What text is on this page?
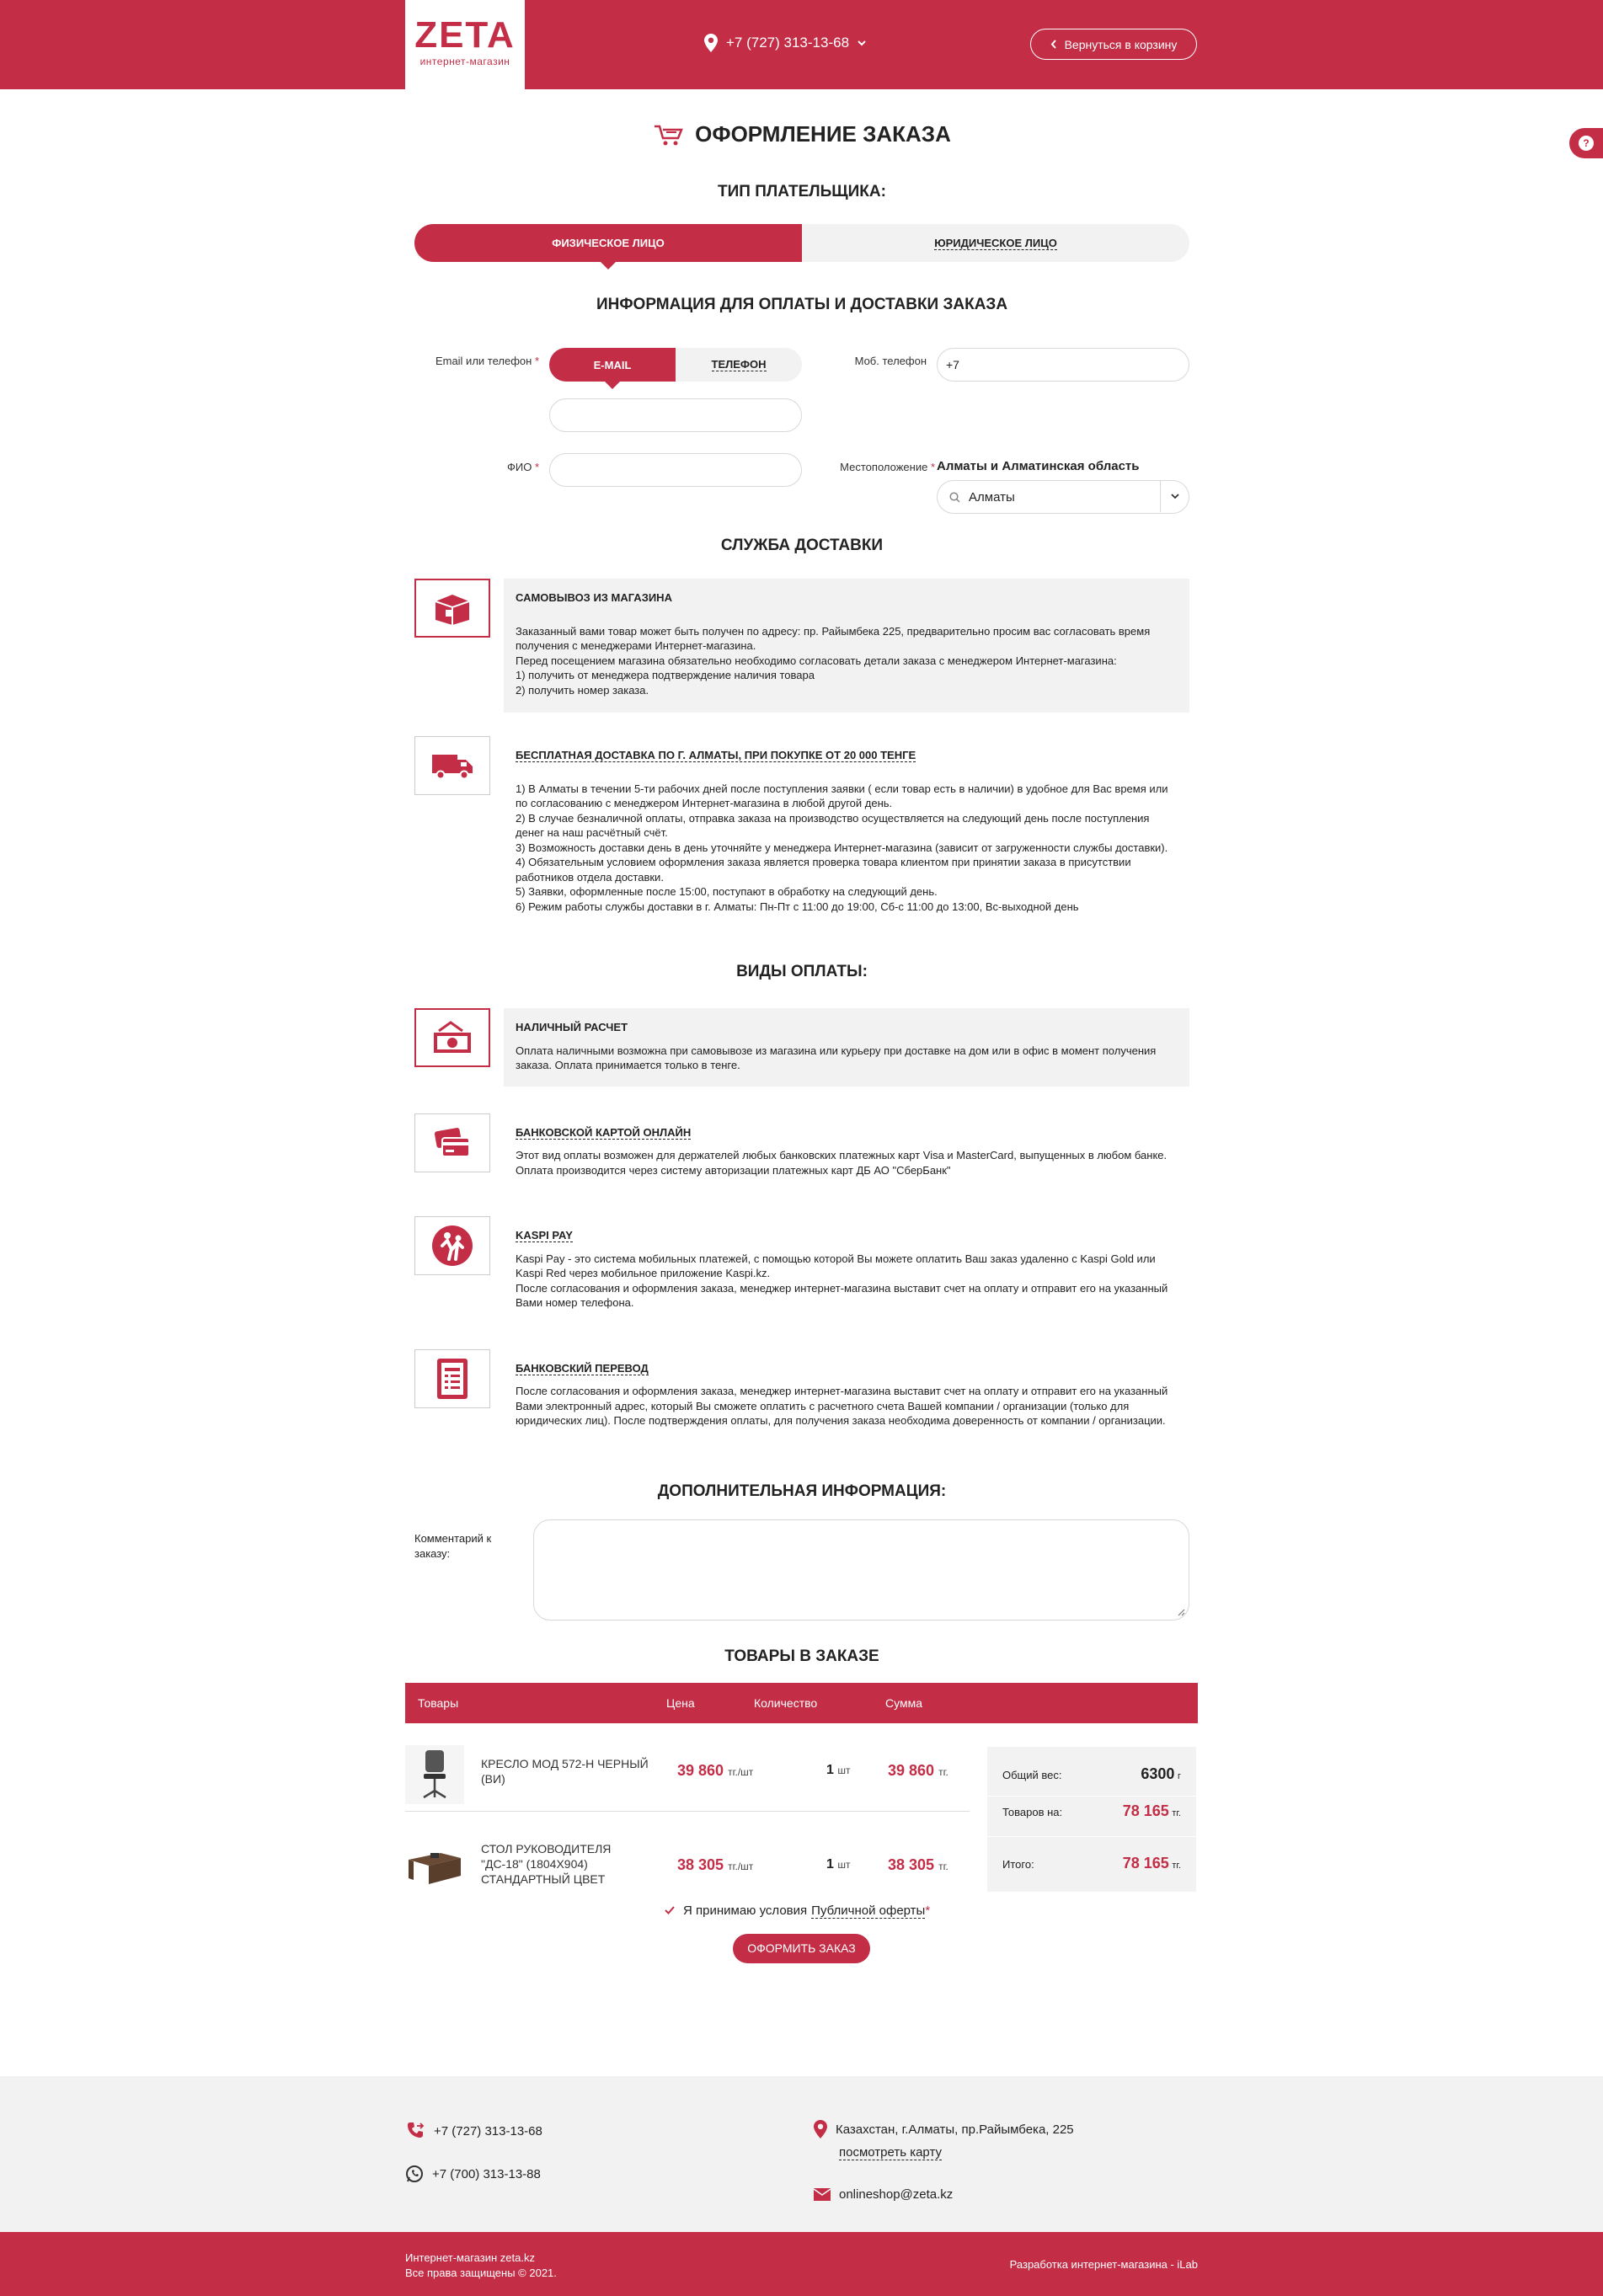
ZETA
интернет-магазин
+7 (727) 313-13-68	Вернуться в корзину
?
ОФОРМЛЕНИЕ ЗАКАЗА
ТИП ПЛАТЕЛЬЩИКА:
ФИЗИЧЕСКОЕ ЛИЦО	ЮРИДИЧЕСКОЕ ЛИЦО
ИНФОРМАЦИЯ ДЛЯ ОПЛАТЫ И ДОСТАВКИ ЗАКАЗА
Email или телефон *	E-MAIL	ТЕЛЕФОН	Моб. телефон	+7
ФИО *	Местоположение * Алматы и Алматинская область
Алматы
СЛУЖБА ДОСТАВКИ
САМОВЫВОЗ ИЗ МАГАЗИНА
Заказанный вами товар может быть получен по адресу: пр. Райымбека 225, предварительно просим вас согласовать время получения с менеджерами Интернет-магазина.
Перед посещением магазина обязательно необходимо согласовать детали заказа с менеджером Интернет-магазина:
1) получить от менеджера подтверждение наличия товара
2) получить номер заказа.
БЕСПЛАТНАЯ ДОСТАВКА ПО Г. АЛМАТЫ, ПРИ ПОКУПКЕ ОТ 20 000 ТЕНГЕ
1) В Алматы в течении 5-ти рабочих дней после поступления заявки ( если товар есть в наличии) в удобное для Вас время или по согласованию с менеджером Интернет-магазина в любой другой день.
2) В случае безналичной оплаты, отправка заказа на производство осуществляется на следующий день после поступления денег на наш расчётный счёт.
3) Возможность доставки день в день уточняйте у менеджера Интернет-магазина (зависит от загруженности службы доставки).
4) Обязательным условием оформления заказа является проверка товара клиентом при принятии заказа в присутствии работников отдела доставки.
5) Заявки, оформленные после 15:00, поступают в обработку на следующий день.
6) Режим работы службы доставки в г. Алматы: Пн-Пт с 11:00 до 19:00, Сб-с 11:00 до 13:00, Вс-выходной день
ВИДЫ ОПЛАТЫ:
НАЛИЧНЫЙ РАСЧЕТ
Оплата наличными возможна при самовывозе из магазина или курьеру при доставке на дом или в офис в момент получения заказа. Оплата принимается только в тенге.
БАНКОВСКОЙ КАРТОЙ ОНЛАЙН
Этот вид оплаты возможен для держателей любых банковских платежных карт Visa и MasterCard, выпущенных в любом банке. Оплата производится через систему авторизации платежных карт ДБ АО "СберБанк"
KASPI PAY
Kaspi Pay - это система мобильных платежей, с помощью которой Вы можете оплатить Ваш заказ удаленно с Kaspi Gold или Kaspi Red через мобильное приложение Kaspi.kz.
После согласования и оформления заказа, менеджер интернет-магазина выставит счет на оплату и отправит его на указанный Вами номер телефона.
БАНКОВСКИЙ ПЕРЕВОД
После согласования и оформления заказа, менеджер интернет-магазина выставит счет на оплату и отправит его на указанный Вами электронный адрес, который Вы сможете оплатить с расчетного счета Вашей компании / организации (только для юридических лиц). После подтверждения оплаты, для получения заказа необходима доверенность от компании / организации.
ДОПОЛНИТЕЛЬНАЯ ИНФОРМАЦИЯ:
Комментарий к заказу:
ТОВАРЫ В ЗАКАЗЕ
Товары	Цена	Количество	Сумма
КРЕСЛО МОД 572-Н ЧЕРНЫЙ (ВИ)	39 860 тг./шт	1 шт 39 860 тг.
СТОЛ РУКОВОДИТЕЛЯ "ДС-18" (1804Х904) СТАНДАРТНЫЙ ЦВЕТ
38 305 тг./шт	1 шт 38 305 тг.
Общий вес:	6300 г
Товаров на:	78 165 тг.
Итого:	78 165 тг.
Я принимаю условия Публичной оферты*
ОФОРМИТЬ ЗАКАЗ
+7 (727) 313-13-68
+7 (700) 313-13-88
Казахстан, г.Алматы, пр.Райымбека, 225
посмотреть карту
onlineshop@zeta.kz
Интернет-магазин zeta.kz
Все права защищены © 2021.
Разработка интернет-магазина - iLab
